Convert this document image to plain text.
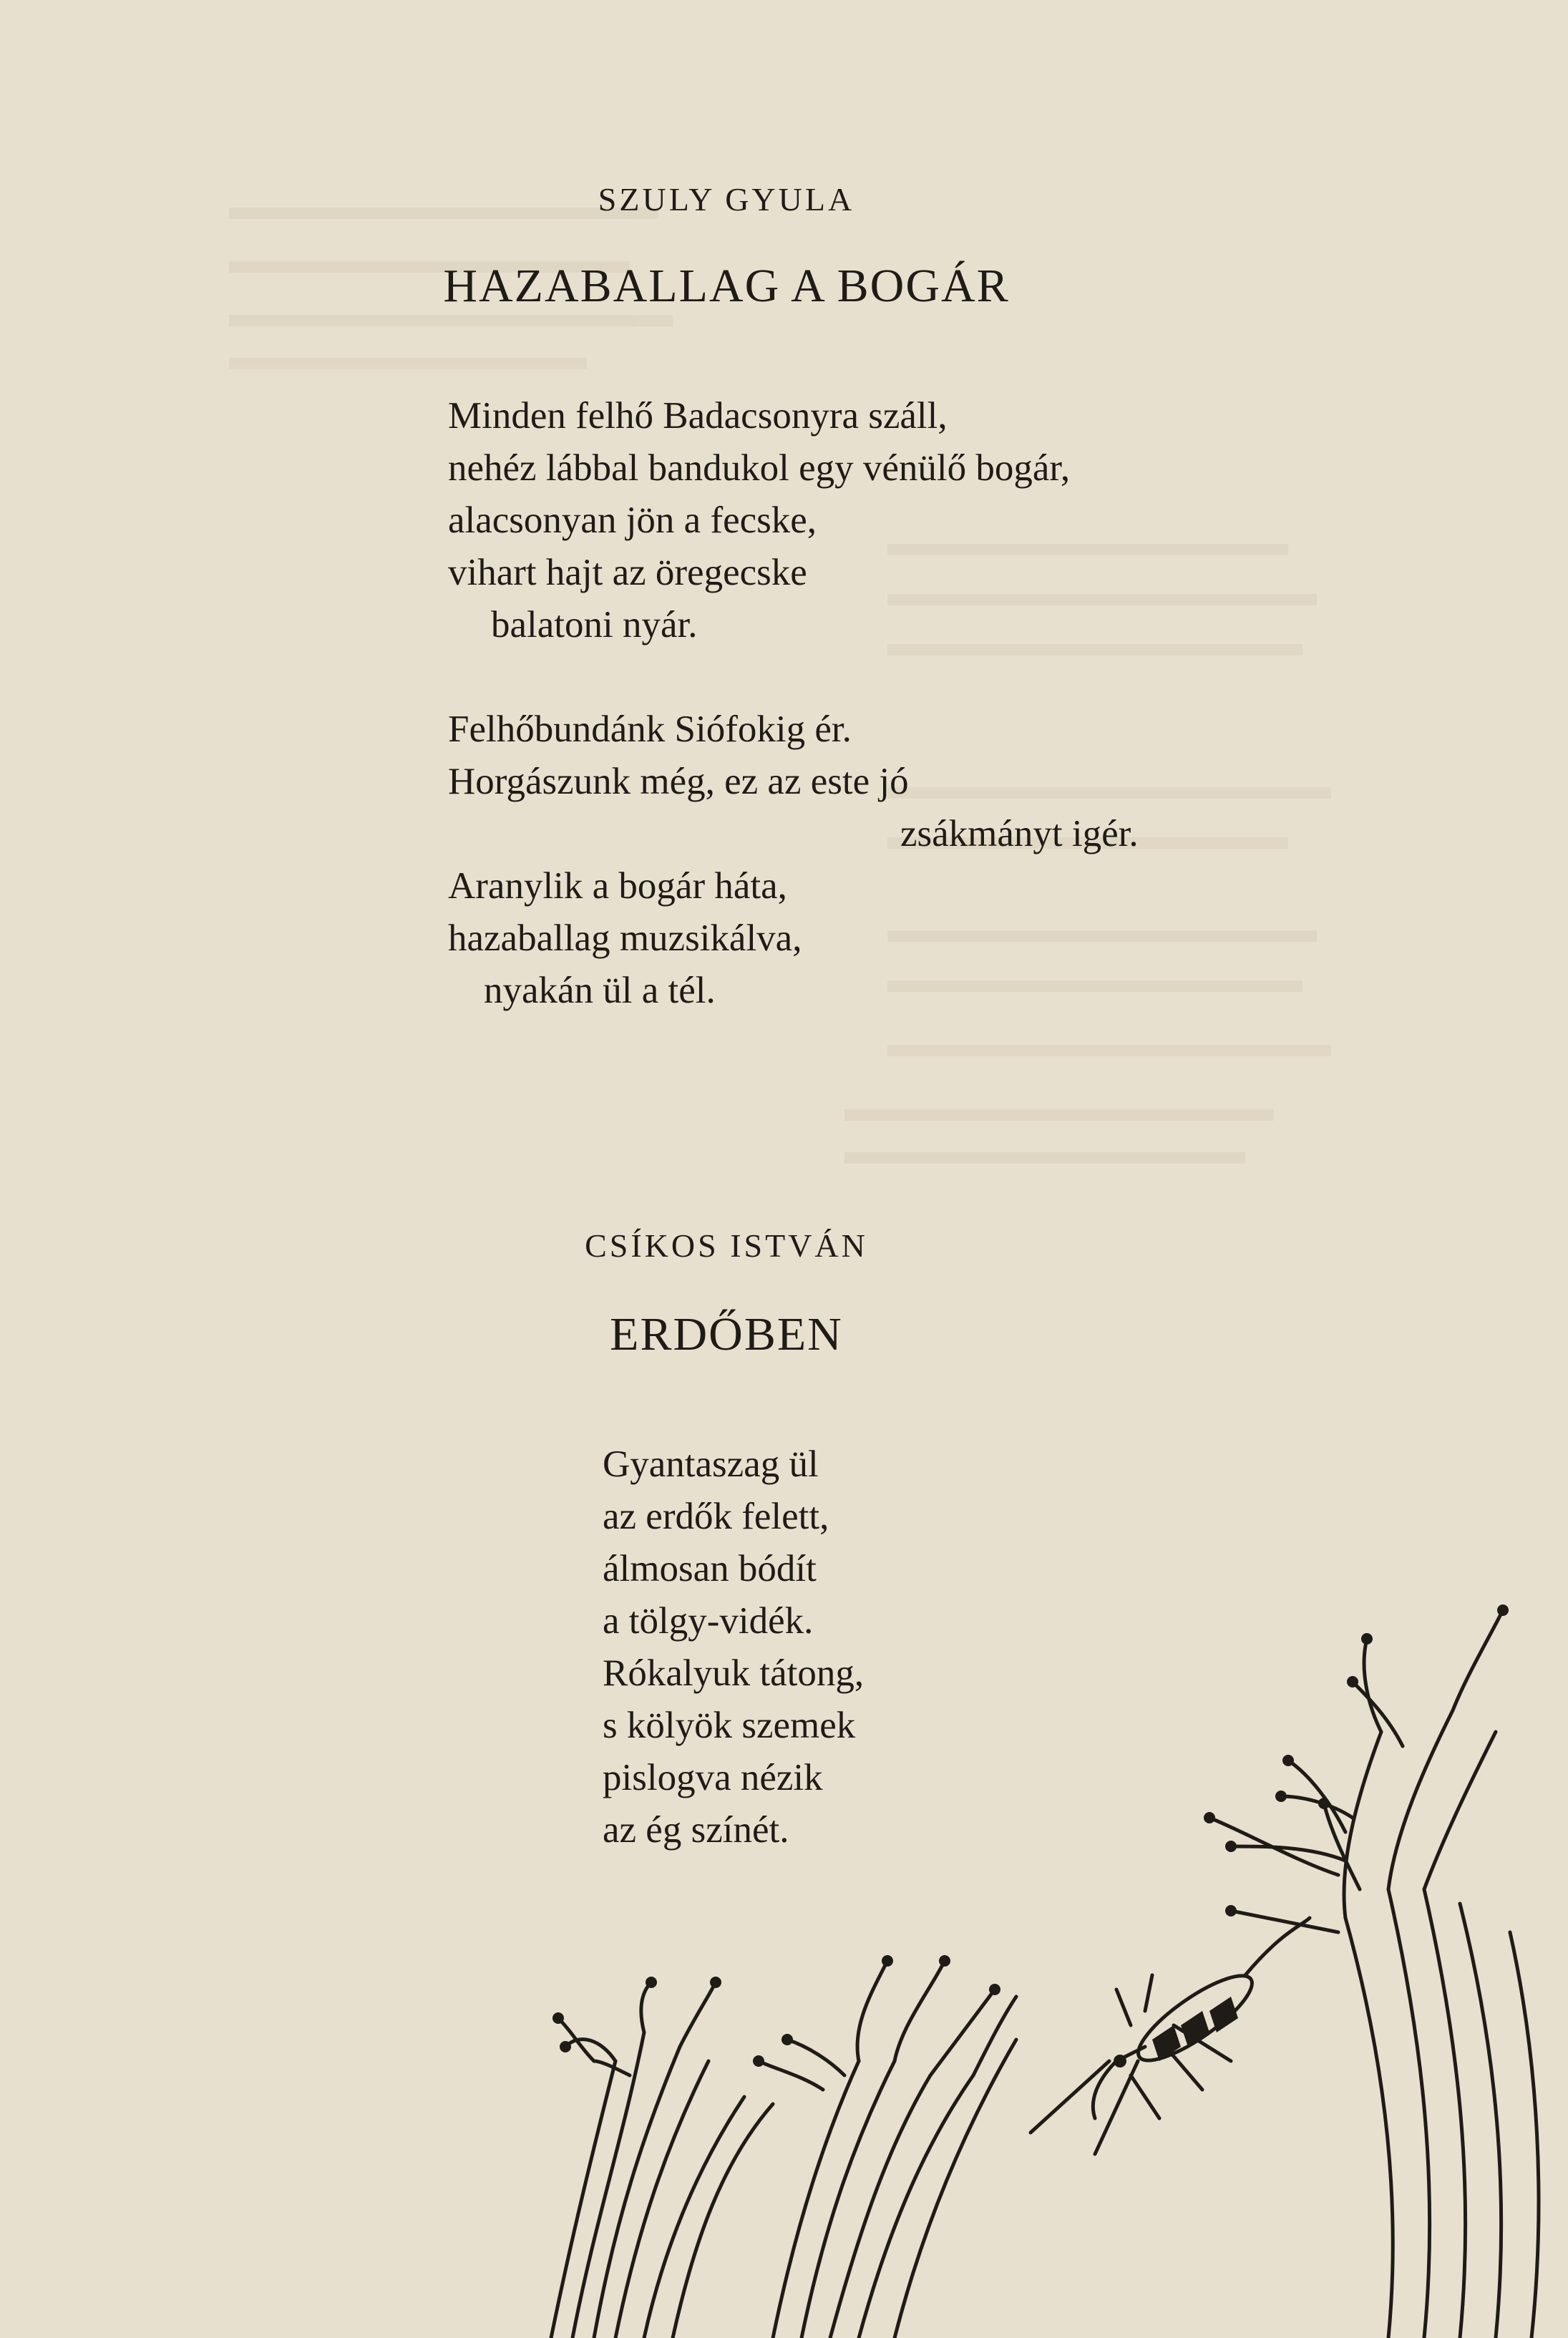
SZULY GYULA
HAZABALLAG A BOGÁR
Minden felhő Badacsonyra száll,
nehéz lábbal bandukol egy vénülő bogár,
alacsonyan jön a fecske,
vihart hajt az öregecske
balatoni nyár.
Felhőbundánk Siófokig ér.
Horgászunk még, ez az este jó
zsákmányt igér.
Aranylik a bogár háta,
hazaballag muzsikálva,
nyakán ül a tél.
CSÍKOS ISTVÁN
ERDŐBEN
Gyantaszag ül
az erdők felett,
álmosan bódít
a tölgy-vidék.
Rókalyuk tátong,
s kölyök szemek
pislogva nézik
az ég színét.
